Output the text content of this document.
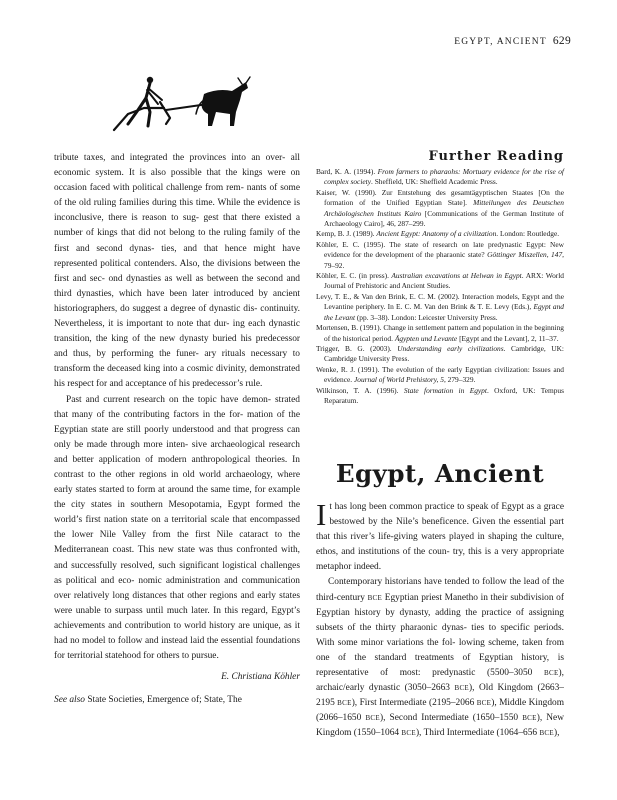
EGYPT, ANCIENT 629

tribute taxes, and integrated the provinces into an over- all economic system. It is also possible that the kings were on occasion faced with political challenge from rem- nants of some of the old ruling families during this time. While the evidence is inconclusive, there is reason to sug- gest that there existed a number of kings that did not belong to the ruling family of the first and second dynas- ties, and that hence might have represented political contenders. Also, the divisions between the first and sec- ond dynasties as well as between the second and third dynasties, which have been later introduced by ancient historiographers, do suggest a degree of dynastic dis- continuity. Nevertheless, it is important to note that dur- ing each dynastic transition, the king of the new dynasty buried his predecessor and thus, by performing the funer- ary rituals necessary to transform the deceased king into a cosmic divinity, demonstrated his respect for and acceptance of his predecessor’s rule.

Past and current research on the topic have demon- strated that many of the contributing factors in the for- mation of the Egyptian state are still poorly understood and that progress can only be made through more inten- sive archaeological research and better application of modern anthropological theories. In contrast to the other regions in old world archaeology, where early states started to form at around the same time, for example the city states in southern Mesopotamia, Egypt formed the world’s first nation state on a territorial scale that encompassed the lower Nile Valley from the first Nile cataract to the Mediterranean coast. This new state was thus confronted with, and successfully resolved, such significant logistical challenges as political and eco- nomic administration and communication over relatively long distances that other regions and early states were unable to surpass until much later. In this regard, Egypt’s achievements and contribution to world history are unique, as it had no model to follow and instead laid the essential foundations for territorial statehood for others to pursue.

E. Christiana Köhler

See also State Societies, Emergence of; State, The

Further Reading
Bard, K. A. (1994). From farmers to pharaohs: Mortuary evidence for the rise of complex society. Sheffield, UK: Sheffield Academic Press.
Kaiser, W. (1990). Zur Entstehung des gesamtägyptischen Staates [On the formation of the Unified Egyptian State]. Mitteilungen des Deutschen Archäologischen Instituts Kairo [Communications of the German Institute of Archaeology Cairo], 46, 287–299.
Kemp, B. J. (1989). Ancient Egypt: Anatomy of a civilization. London: Routledge.
Köhler, E. C. (1995). The state of research on late predynastic Egypt: New evidence for the development of the pharaonic state? Göttinger Miszellen, 147, 79–92.
Köhler, E. C. (in press). Australian excavations at Helwan in Egypt. ARX: World Journal of Prehistoric and Ancient Studies.
Levy, T. E., & Van den Brink, E. C. M. (2002). Interaction models, Egypt and the Levantine periphery. In E. C. M. Van den Brink & T. E. Levy (Eds.), Egypt and the Levant (pp. 3–38). London: Leicester University Press.
Mortensen, B. (1991). Change in settlement pattern and population in the beginning of the historical period. Ägypten und Levante [Egypt and the Levant], 2, 11–37.
Trigger, B. G. (2003). Understanding early civilizations. Cambridge, UK: Cambridge University Press.
Wenke, R. J. (1991). The evolution of the early Egyptian civilization: Issues and evidence. Journal of World Prehistory, 5, 279–329.
Wilkinson, T. A. (1996). State formation in Egypt. Oxford, UK: Tempus Reparatum.
Egypt, Ancient

It has long been common practice to speak of Egypt as a grace bestowed by the Nile’s beneficence. Given the essential part that this river’s life-giving waters played in shaping the culture, ethos, and institutions of the coun- try, this is a very appropriate metaphor indeed.

Contemporary historians have tended to follow the lead of the third-century BCE Egyptian priest Manetho in their subdivision of Egyptian history by dynasty, adding the practice of assigning subsets of the thirty pharaonic dynas- ties to specific periods. With some minor variations the fol- lowing scheme, taken from one of the standard treatments of Egyptian history, is representative of most: predynastic (5500–3050 BCE), archaic/early dynastic (3050–2663 BCE), Old Kingdom (2663–2195 BCE), First Intermediate (2195–2066 BCE), Middle Kingdom (2066–1650 BCE), Second Intermediate (1650–1550 BCE), New Kingdom (1550–1064 BCE), Third Intermediate (1064–656 BCE),
